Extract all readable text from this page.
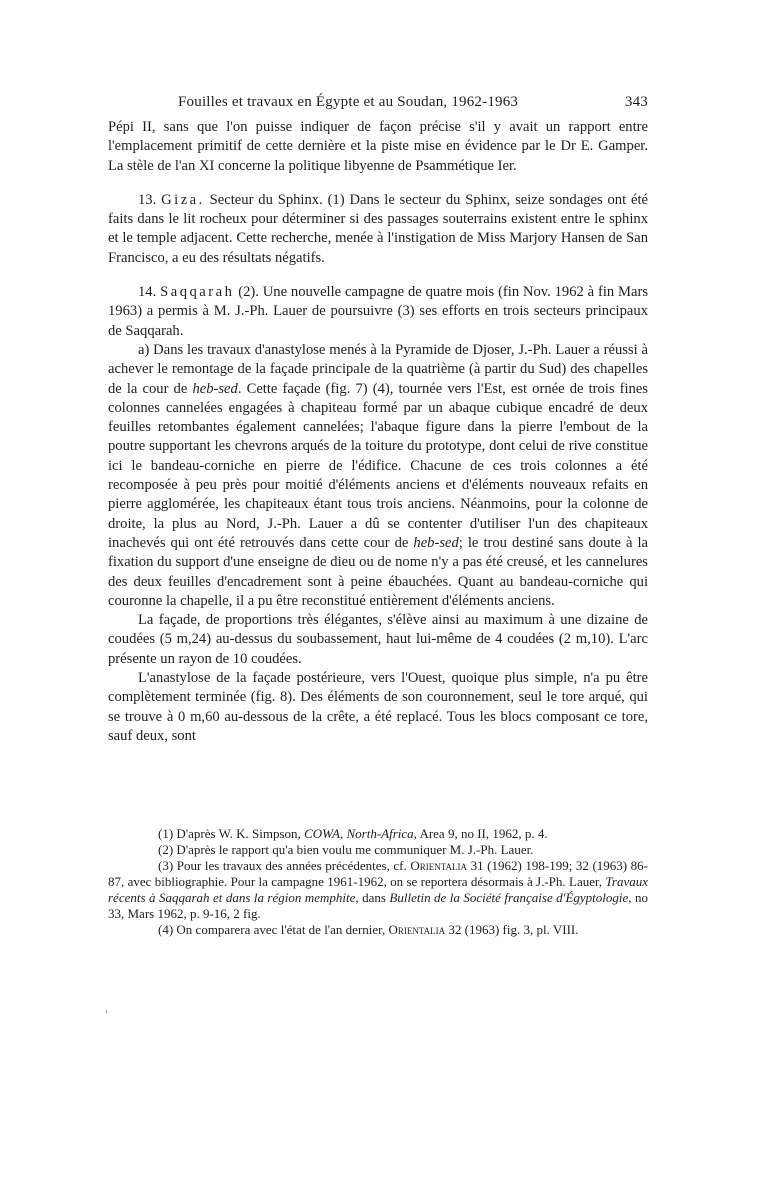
Fouilles et travaux en Égypte et au Soudan, 1962-1963	343

Pépi II, sans que l'on puisse indiquer de façon précise s'il y avait un rapport entre l'emplacement primitif de cette dernière et la piste mise en évidence par le Dr E. Gamper. La stèle de l'an XI concerne la politique libyenne de Psammétique Ier.

13. Giza. Secteur du Sphinx. (1) Dans le secteur du Sphinx, seize sondages ont été faits dans le lit rocheux pour déterminer si des passages souterrains existent entre le sphinx et le temple adjacent. Cette recherche, menée à l'instigation de Miss Marjory Hansen de San Francisco, a eu des résultats négatifs.

14. Saqqarah (2). Une nouvelle campagne de quatre mois (fin Nov. 1962 à fin Mars 1963) a permis à M. J.-Ph. Lauer de poursuivre (3) ses efforts en trois secteurs principaux de Saqqarah.

a) Dans les travaux d'anastylose menés à la Pyramide de Djoser, J.-Ph. Lauer a réussi à achever le remontage de la façade principale de la quatrième (à partir du Sud) des chapelles de la cour de heb-sed. Cette façade (fig. 7) (4), tournée vers l'Est, est ornée de trois fines colonnes cannelées engagées à chapiteau formé par un abaque cubique encadré de deux feuilles retombantes également cannelées; l'abaque figure dans la pierre l'embout de la poutre supportant les chevrons arqués de la toiture du prototype, dont celui de rive constitue ici le bandeau-corniche en pierre de l'édifice. Chacune de ces trois colonnes a été recomposée à peu près pour moitié d'éléments anciens et d'éléments nouveaux refaits en pierre agglomérée, les chapiteaux étant tous trois anciens. Néanmoins, pour la colonne de droite, la plus au Nord, J.-Ph. Lauer a dû se contenter d'utiliser l'un des chapiteaux inachevés qui ont été retrouvés dans cette cour de heb-sed; le trou destiné sans doute à la fixation du support d'une enseigne de dieu ou de nome n'y a pas été creusé, et les cannelures des deux feuilles d'encadrement sont à peine ébauchées. Quant au bandeau-corniche qui couronne la chapelle, il a pu être reconstitué entièrement d'éléments anciens.

La façade, de proportions très élégantes, s'élève ainsi au maximum à une dizaine de coudées (5 m,24) au-dessus du soubassement, haut lui-même de 4 coudées (2 m,10). L'arc présente un rayon de 10 coudées.

L'anastylose de la façade postérieure, vers l'Ouest, quoique plus simple, n'a pu être complètement terminée (fig. 8). Des éléments de son couronnement, seul le tore arqué, qui se trouve à 0 m,60 au-dessous de la crête, a été replacé. Tous les blocs composant ce tore, sauf deux, sont

(1) D'après W. K. Simpson, COWA, North-Africa, Area 9, no II, 1962, p. 4.

(2) D'après le rapport qu'a bien voulu me communiquer M. J.-Ph. Lauer.

(3) Pour les travaux des années précédentes, cf. Orientalia 31 (1962) 198-199; 32 (1963) 86-87, avec bibliographie. Pour la campagne 1961-1962, on se reportera désormais à J.-Ph. Lauer, Travaux récents à Saqqarah et dans la région memphite, dans Bulletin de la Société française d'Égyptologie, no 33, Mars 1962, p. 9-16, 2 fig.

(4) On comparera avec l'état de l'an dernier, Orientalia 32 (1963) fig. 3, pl. VIII.
